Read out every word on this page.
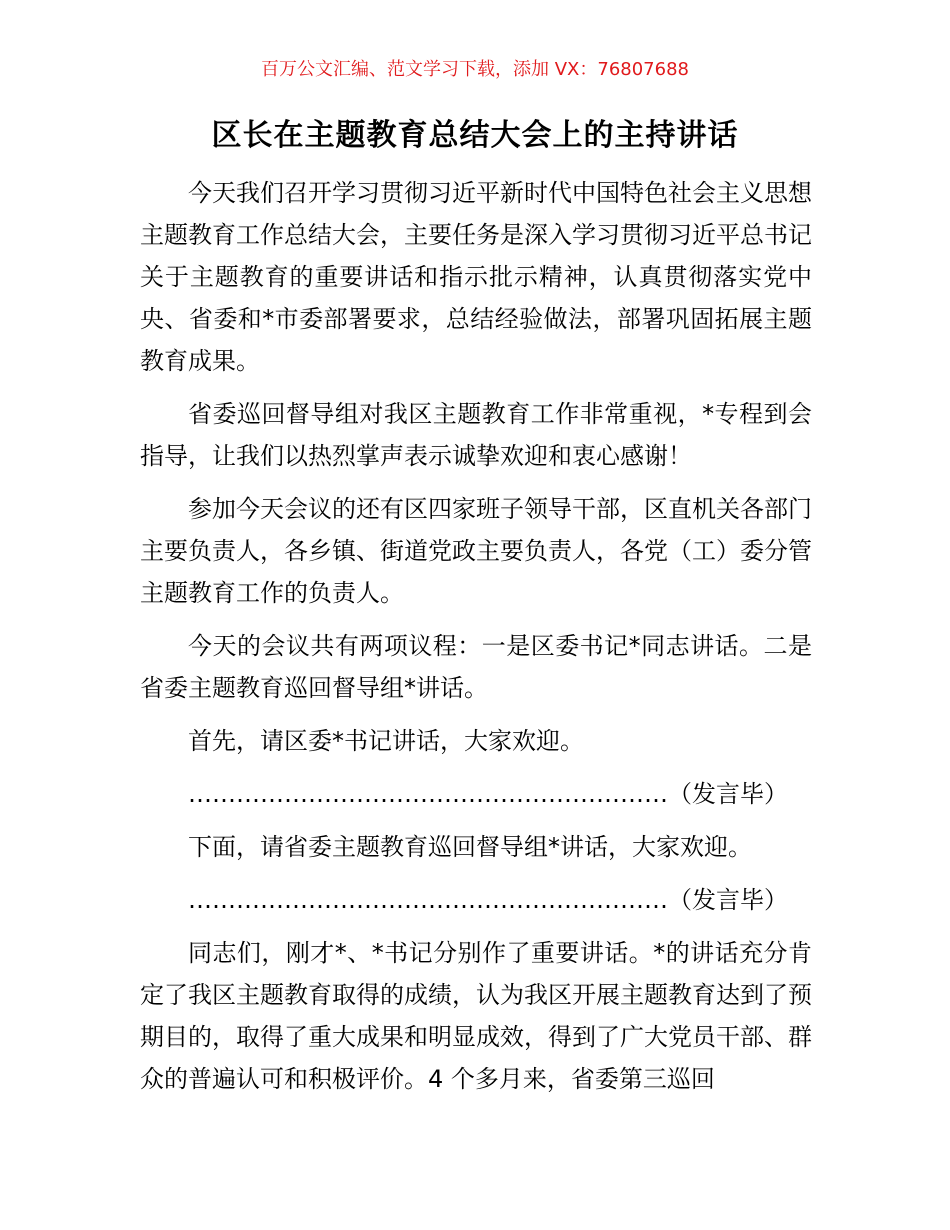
百万公文汇编、范文学习下载，添加 VX：76807688
区长在主题教育总结大会上的主持讲话

今天我们召开学习贯彻习近平新时代中国特色社会主义思想主题教育工作总结大会，主要任务是深入学习贯彻习近平总书记关于主题教育的重要讲话和指示批示精神，认真贯彻落实党中央、省委和*市委部署要求，总结经验做法，部署巩固拓展主题教育成果。

省委巡回督导组对我区主题教育工作非常重视，*专程到会指导，让我们以热烈掌声表示诚挚欢迎和衷心感谢！

参加今天会议的还有区四家班子领导干部，区直机关各部门主要负责人，各乡镇、街道党政主要负责人，各党（工）委分管主题教育工作的负责人。

今天的会议共有两项议程：一是区委书记*同志讲话。二是省委主题教育巡回督导组*讲话。

首先，请区委*书记讲话，大家欢迎。

……………………………………………………（发言毕）

下面，请省委主题教育巡回督导组*讲话，大家欢迎。

……………………………………………………（发言毕）

同志们，刚才*、*书记分别作了重要讲话。*的讲话充分肯定了我区主题教育取得的成绩，认为我区开展主题教育达到了预期目的，取得了重大成果和明显成效，得到了广大党员干部、群众的普遍认可和积极评价。4 个多月来，省委第三巡回
